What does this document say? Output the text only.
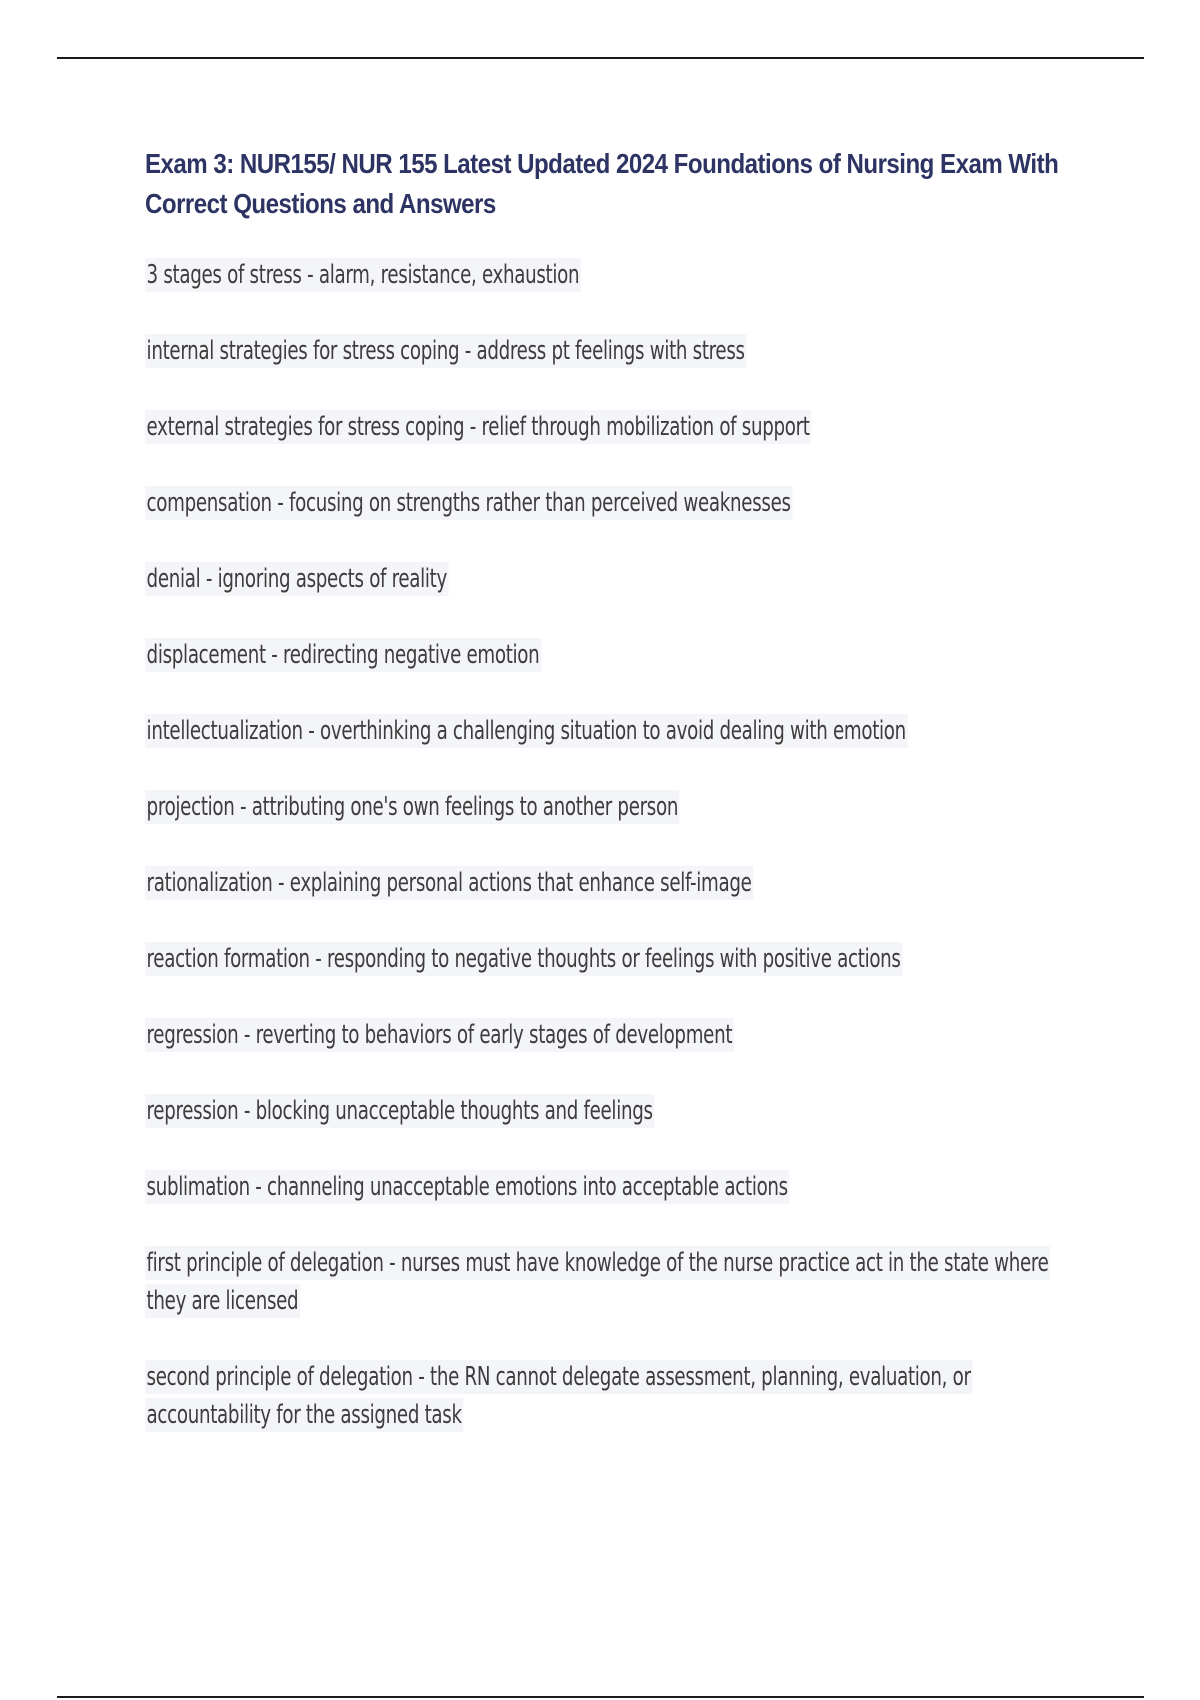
Exam 3: NUR155/ NUR 155 Latest Updated 2024 Foundations of Nursing Exam With Correct Questions and Answers
3 stages of stress - alarm, resistance, exhaustion
internal strategies for stress coping - address pt feelings with stress
external strategies for stress coping - relief through mobilization of support
compensation - focusing on strengths rather than perceived weaknesses
denial - ignoring aspects of reality
displacement - redirecting negative emotion
intellectualization - overthinking a challenging situation to avoid dealing with emotion
projection - attributing one's own feelings to another person
rationalization - explaining personal actions that enhance self-image
reaction formation - responding to negative thoughts or feelings with positive actions
regression - reverting to behaviors of early stages of development
repression - blocking unacceptable thoughts and feelings
sublimation - channeling unacceptable emotions into acceptable actions
first principle of delegation - nurses must have knowledge of the nurse practice act in the state where they are licensed
second principle of delegation - the RN cannot delegate assessment, planning, evaluation, or accountability for the assigned task
